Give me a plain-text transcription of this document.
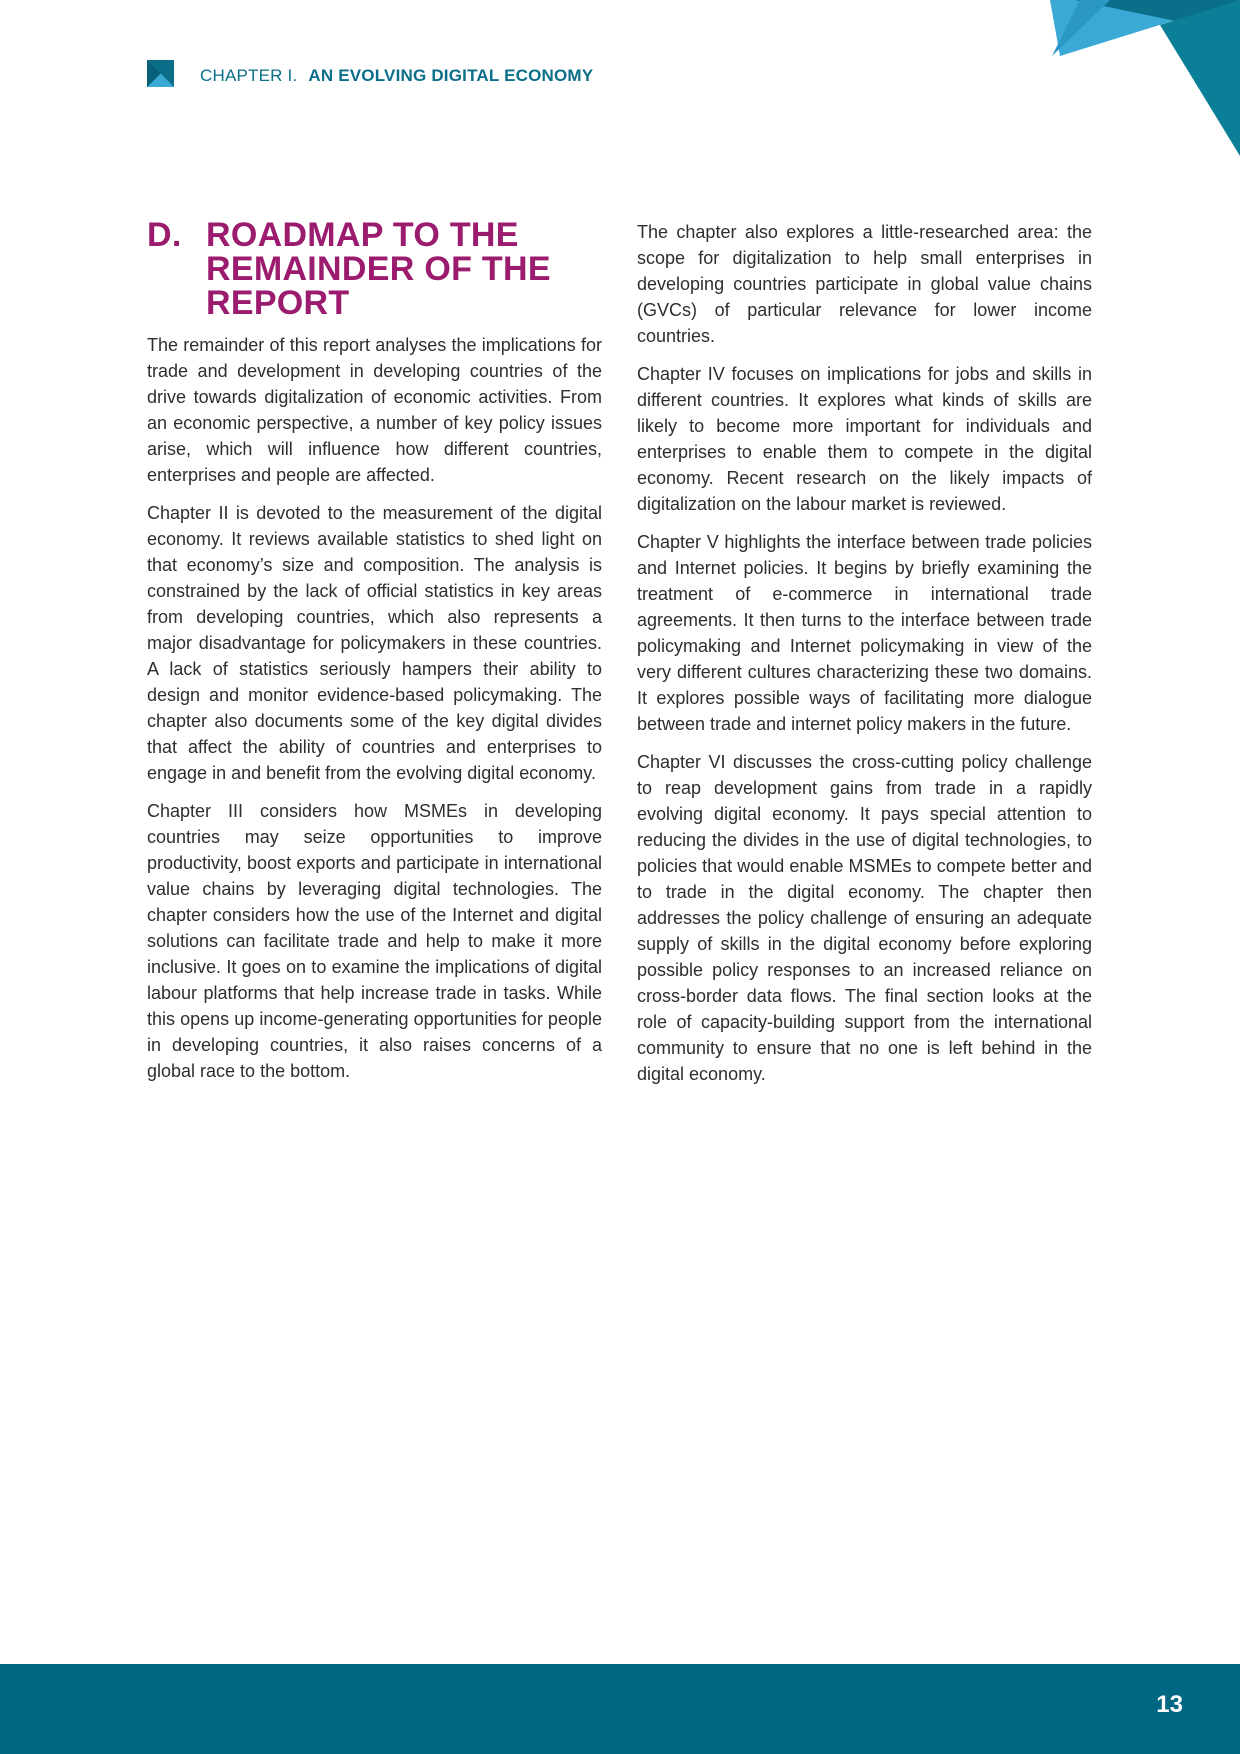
CHAPTER I. AN EVOLVING DIGITAL ECONOMY
D. ROADMAP TO THE REMAINDER OF THE REPORT

The remainder of this report analyses the implications for trade and development in developing countries of the drive towards digitalization of economic activities. From an economic perspective, a number of key policy issues arise, which will influence how different countries, enterprises and people are affected.

Chapter II is devoted to the measurement of the digital economy. It reviews available statistics to shed light on that economy’s size and composition. The analysis is constrained by the lack of official statistics in key areas from developing countries, which also represents a major disadvantage for policymakers in these countries. A lack of statistics seriously hampers their ability to design and monitor evidence-based policymaking. The chapter also documents some of the key digital divides that affect the ability of countries and enterprises to engage in and benefit from the evolving digital economy.

Chapter III considers how MSMEs in developing countries may seize opportunities to improve productivity, boost exports and participate in international value chains by leveraging digital technologies. The chapter considers how the use of the Internet and digital solutions can facilitate trade and help to make it more inclusive. It goes on to examine the implications of digital labour platforms that help increase trade in tasks. While this opens up income-generating opportunities for people in developing countries, it also raises concerns of a global race to the bottom.

The chapter also explores a little-researched area: the scope for digitalization to help small enterprises in developing countries participate in global value chains (GVCs) of particular relevance for lower income countries.

Chapter IV focuses on implications for jobs and skills in different countries. It explores what kinds of skills are likely to become more important for individuals and enterprises to enable them to compete in the digital economy. Recent research on the likely impacts of digitalization on the labour market is reviewed.

Chapter V highlights the interface between trade policies and Internet policies. It begins by briefly examining the treatment of e-commerce in international trade agreements. It then turns to the interface between trade policymaking and Internet policymaking in view of the very different cultures characterizing these two domains. It explores possible ways of facilitating more dialogue between trade and internet policy makers in the future.

Chapter VI discusses the cross-cutting policy challenge to reap development gains from trade in a rapidly evolving digital economy. It pays special attention to reducing the divides in the use of digital technologies, to policies that would enable MSMEs to compete better and to trade in the digital economy. The chapter then addresses the policy challenge of ensuring an adequate supply of skills in the digital economy before exploring possible policy responses to an increased reliance on cross-border data flows. The final section looks at the role of capacity-building support from the international community to ensure that no one is left behind in the digital economy.

13
